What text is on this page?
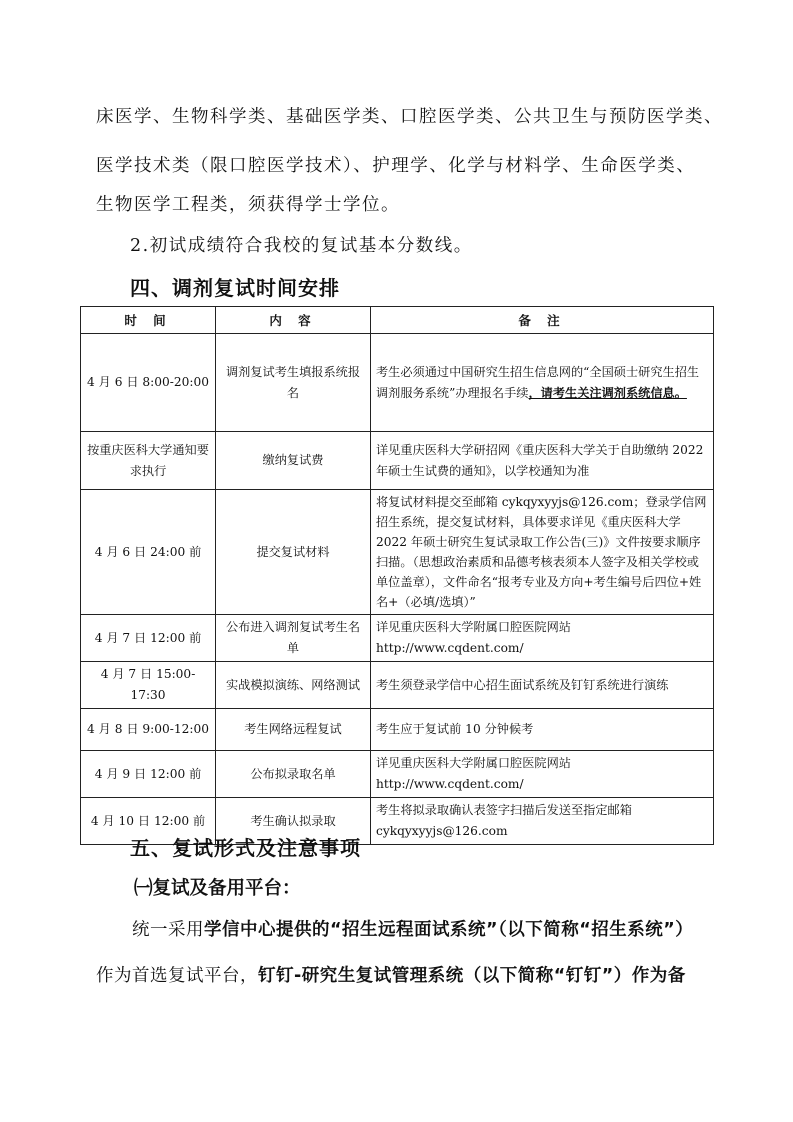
床医学、生物科学类、基础医学类、口腔医学类、公共卫生与预防医学类、
医学技术类（限口腔医学技术）、护理学、化学与材料学、生命医学类、
生物医学工程类，须获得学士学位。
2.初试成绩符合我校的复试基本分数线。
四、调剂复试时间安排
时 间	内 容	备 注
4 月 6 日 8:00-20:00	调剂复试考生填报系统报名	考生必须通过中国研究生招生信息网的“全国硕士研究生招生调剂服务系统”办理报名手续，请考生关注调剂系统信息。
按重庆医科大学通知要求执行	缴纳复试费	详见重庆医科大学研招网《重庆医科大学关于自助缴纳 2022 年硕士生试费的通知》，以学校通知为准
4 月 6 日 24:00 前	提交复试材料	将复试材料提交至邮箱 cykqyxyyjs@126.com；登录学信网招生系统，提交复试材料，具体要求详见《重庆医科大学 2022 年硕士研究生复试录取工作公告(三)》文件按要求顺序扫描。（思想政治素质和品德考核表须本人签字及相关学校或单位盖章），文件命名“报考专业及方向+考生编号后四位+姓名+（必填/选填）”
4 月 7 日 12:00 前	公布进入调剂复试考生名单	详见重庆医科大学附属口腔医院网站 http://www.cqdent.com/
4 月 7 日 15:00-17:30	实战模拟演练、网络测试	考生须登录学信中心招生面试系统及钉钉系统进行演练
4 月 8 日 9:00-12:00	考生网络远程复试	考生应于复试前 10 分钟候考
4 月 9 日 12:00 前	公布拟录取名单	详见重庆医科大学附属口腔医院网站 http://www.cqdent.com/
4 月 10 日 12:00 前	考生确认拟录取	考生将拟录取确认表签字扫描后发送至指定邮箱 cykqyxyyjs@126.com
五、复试形式及注意事项
㈠复试及备用平台：
统一采用学信中心提供的“招生远程面试系统”（以下简称“招生系统”）
作为首选复试平台，钉钉-研究生复试管理系统（以下简称“钉钉”）作为备
